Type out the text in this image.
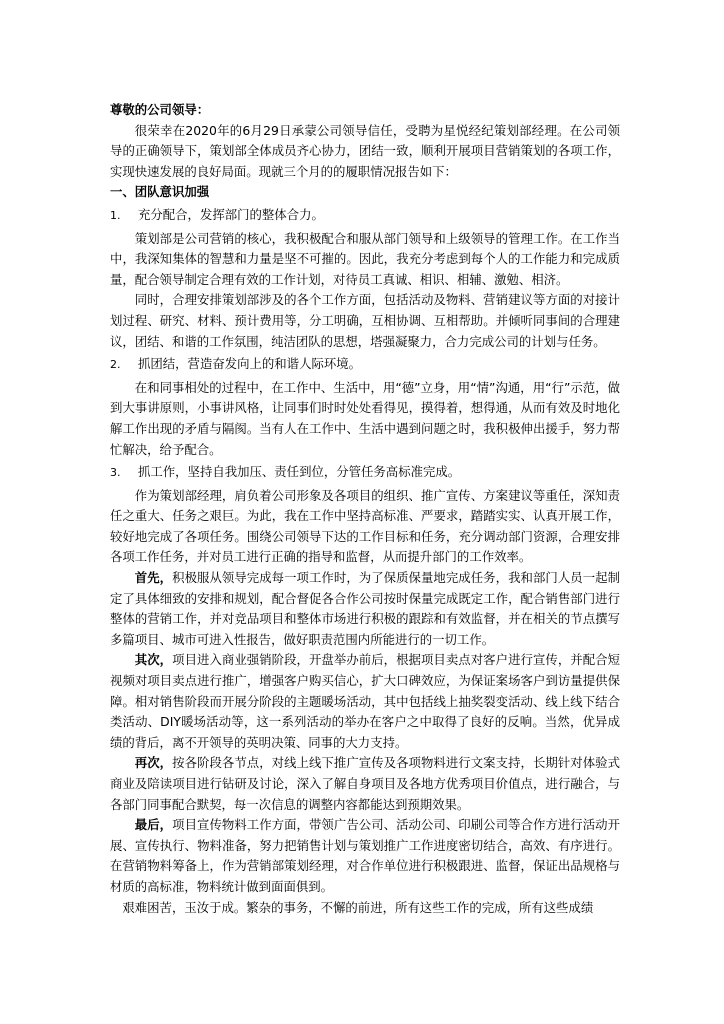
尊敬的公司领导：

很荣幸在2020年的6月29日承蒙公司领导信任，受聘为星悦经纪策划部经理。在公司领导的正确领导下，策划部全体成员齐心协力，团结一致，顺利开展项目营销策划的各项工作，实现快速发展的良好局面。现就三个月的的履职情况报告如下：

一、团队意识加强

1.	充分配合，发挥部门的整体合力。

策划部是公司营销的核心，我积极配合和服从部门领导和上级领导的管理工作。在工作当中，我深知集体的智慧和力量是坚不可摧的。因此，我充分考虑到每个人的工作能力和完成质量，配合领导制定合理有效的工作计划，对待员工真诚、相识、相辅、激勉、相济。

同时，合理安排策划部涉及的各个工作方面，包括活动及物料、营销建议等方面的对接计划过程、研究、材料、预计费用等，分工明确，互相协调、互相帮助。并倾听同事间的合理建议，团结、和谐的工作氛围，纯洁团队的思想，塔强凝聚力，合力完成公司的计划与任务。

2.	抓团结，营造奋发向上的和谐人际环境。

在和同事相处的过程中，在工作中、生活中，用“德”立身，用“情”沟通，用“行”示范，做到大事讲原则，小事讲风格，让同事们时时处处看得见，摸得着，想得通，从而有效及时地化解工作出现的矛盾与隔阂。当有人在工作中、生活中遇到问题之时，我积极伸出援手，努力帮忙解决，给予配合。

3.	抓工作，坚持自我加压、责任到位，分管任务高标准完成。

作为策划部经理，肩负着公司形象及各项目的组织、推广宣传、方案建议等重任，深知责任之重大、任务之艰巨。为此，我在工作中坚持高标准、严要求，踏踏实实、认真开展工作，较好地完成了各项任务。围绕公司领导下达的工作目标和任务，充分调动部门资源，合理安排各项工作任务，并对员工进行正确的指导和监督，从而提升部门的工作效率。

首先，积极服从领导完成每一项工作时，为了保质保量地完成任务，我和部门人员一起制定了具体细致的安排和规划，配合督促各合作公司按时保量完成既定工作，配合销售部门进行整体的营销工作，并对竞品项目和整体市场进行积极的跟踪和有效监督，并在相关的节点撰写多篇项目、城市可进入性报告，做好职责范围内所能进行的一切工作。

其次，项目进入商业强销阶段，开盘举办前后，根据项目卖点对客户进行宣传，并配合短视频对项目卖点进行推广，增强客户购买信心，扩大口碑效应，为保证案场客户到访量提供保障。相对销售阶段而开展分阶段的主题暖场活动，其中包括线上抽奖裂变活动、线上线下结合类活动、DIY暖场活动等，这一系列活动的举办在客户之中取得了良好的反响。当然，优异成绩的背后，离不开领导的英明决策、同事的大力支持。

再次，按各阶段各节点，对线上线下推广宣传及各项物料进行文案支持，长期针对体验式商业及陪读项目进行钻研及讨论，深入了解自身项目及各地方优秀项目价值点，进行融合，与各部门同事配合默契，每一次信息的调整内容都能达到预期效果。

最后，项目宣传物料工作方面，带领广告公司、活动公司、印刷公司等合作方进行活动开展、宣传执行、物料准备，努力把销售计划与策划推广工作进度密切结合，高效、有序进行。在营销物料筹备上，作为营销部策划经理，对合作单位进行积极跟进、监督，保证出品规格与材质的高标准，物料统计做到面面俱到。

艰难困苦，玉汝于成。繁杂的事务，不懈的前进，所有这些工作的完成，所有这些成绩
